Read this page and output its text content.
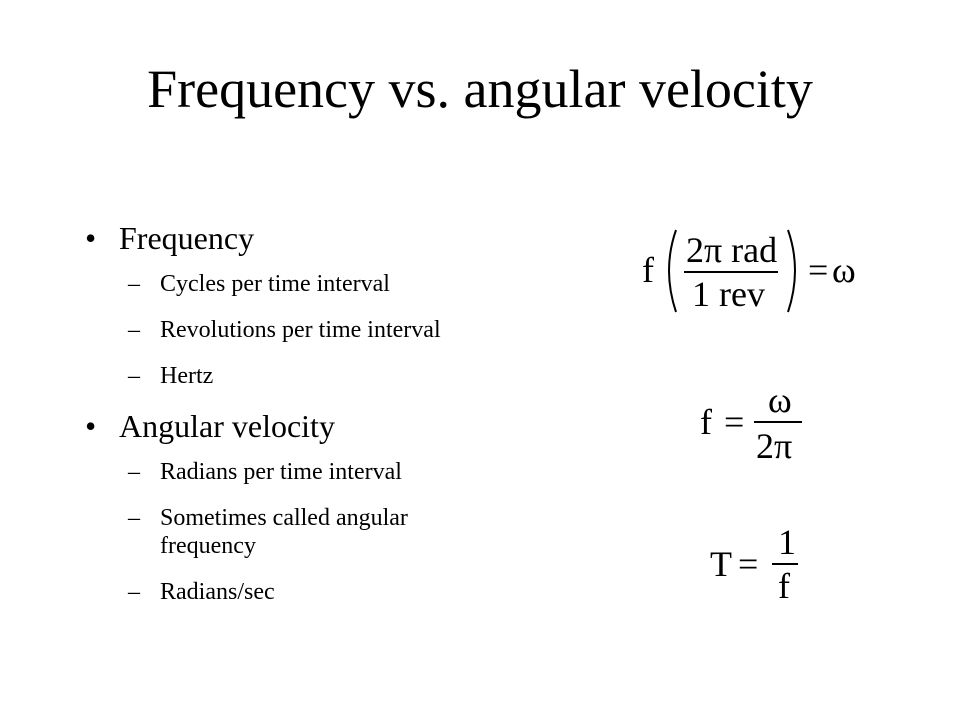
Frequency vs. angular velocity
• Frequency
– Cycles per time interval
– Revolutions per time interval
– Hertz
• Angular velocity
– Radians per time interval
– Sometimes called angular frequency
– Radians/sec
f 2π rad
1 rev
= ω
f =
ω
2π
T =
1
f
